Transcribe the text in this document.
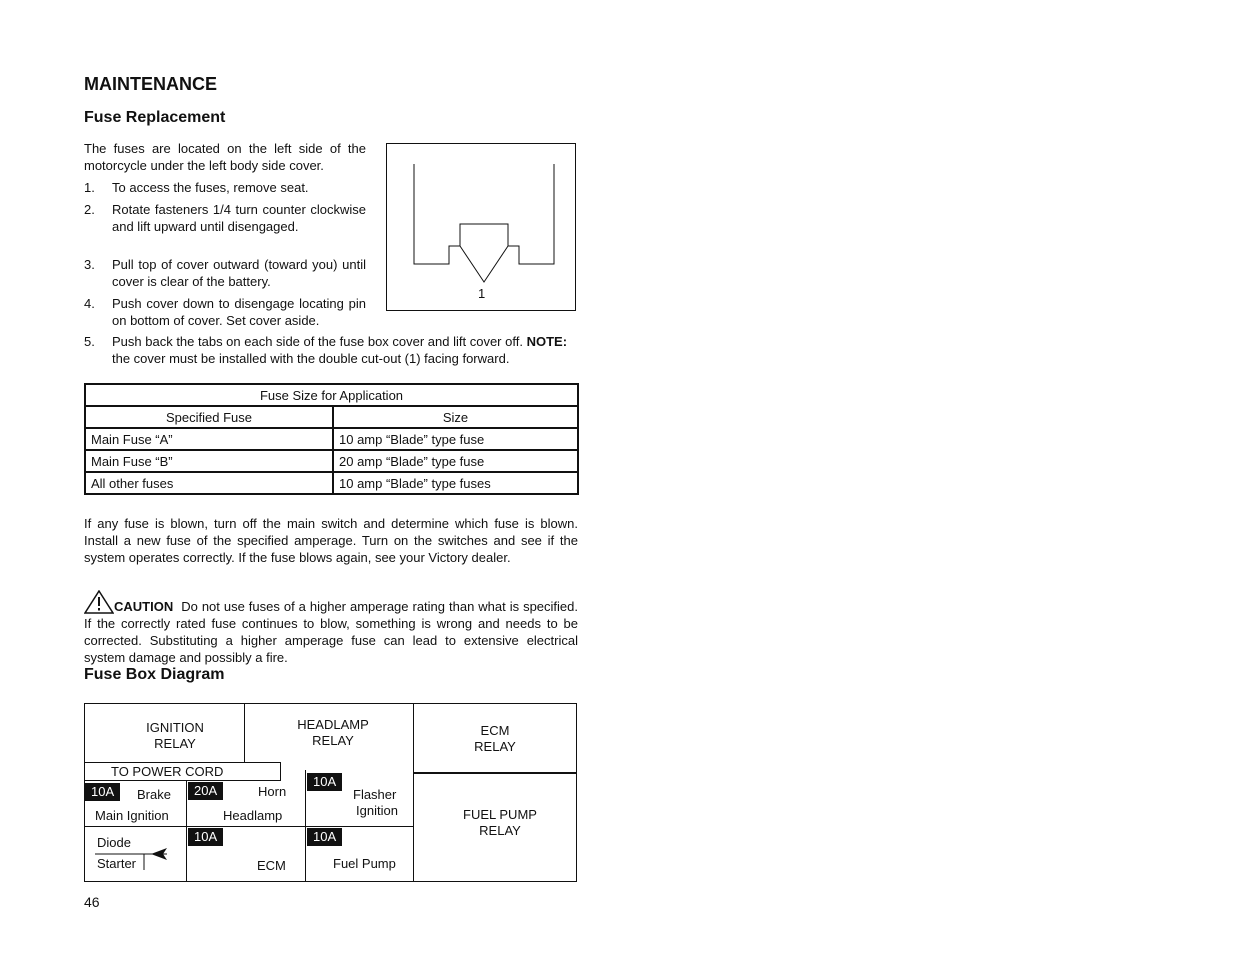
MAINTENANCE
Fuse Replacement
The fuses are located on the left side of the motorcycle under the left body side cover.
1.	To access the fuses, remove seat.
2.	Rotate fasteners 1/4 turn counter clockwise and lift upward until disengaged.
3.	Pull top of cover outward (toward you) until cover is clear of the battery.
4.	Push cover down to disengage locating pin on bottom of cover. Set cover aside.
5.	Push back the tabs on each side of the fuse box cover and lift cover off. NOTE: the cover must be installed with the double cut-out (1) facing forward.
1
Fuse Size for Application	
Specified Fuse	Size
Main Fuse “A”	10 amp “Blade” type fuse
Main Fuse “B”	20 amp “Blade” type fuse
All other fuses	10 amp “Blade” type fuses
If any fuse is blown, turn off the main switch and determine which fuse is blown. Install a new fuse of the specified amperage. Turn on the switches and see if the system operates correctly. If the fuse blows again, see your Victory dealer.
CAUTION Do not use fuses of a higher amperage rating than what is specified. If the correctly rated fuse continues to blow, something is wrong and needs to be corrected. Substituting a higher amperage fuse can lead to extensive electrical system damage and possibly a fire.
Fuse Box Diagram
IGNITION
RELAY
HEADLAMP
RELAY
ECM
RELAY
FUEL PUMP
RELAY
10A	Brake
Main Ignition
20A	Horn
Headlamp
10A
Flasher
Ignition
Diode
Starter
10A
ECM
10A
Fuel Pump
TO POWER CORD
46
